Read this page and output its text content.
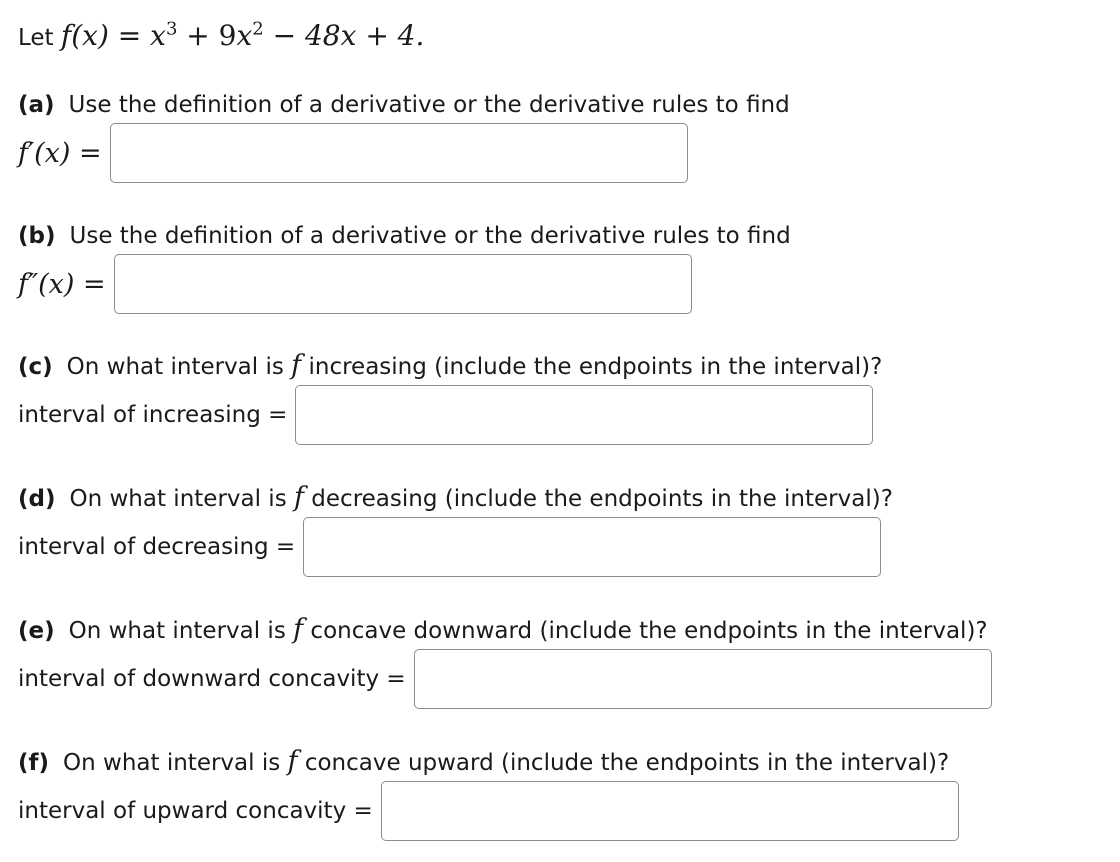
Let $f(x) = x^3 + 9x^2 - 48x + 4$.
(a) Use the definition of a derivative or the derivative rules to find
f′(x) =
(b) Use the definition of a derivative or the derivative rules to find
f″(x) =
(c) On what interval is f increasing (include the endpoints in the interval)?
interval of increasing =
(d) On what interval is f decreasing (include the endpoints in the interval)?
interval of decreasing =
(e) On what interval is f concave downward (include the endpoints in the interval)?
interval of downward concavity =
(f) On what interval is f concave upward (include the endpoints in the interval)?
interval of upward concavity =
